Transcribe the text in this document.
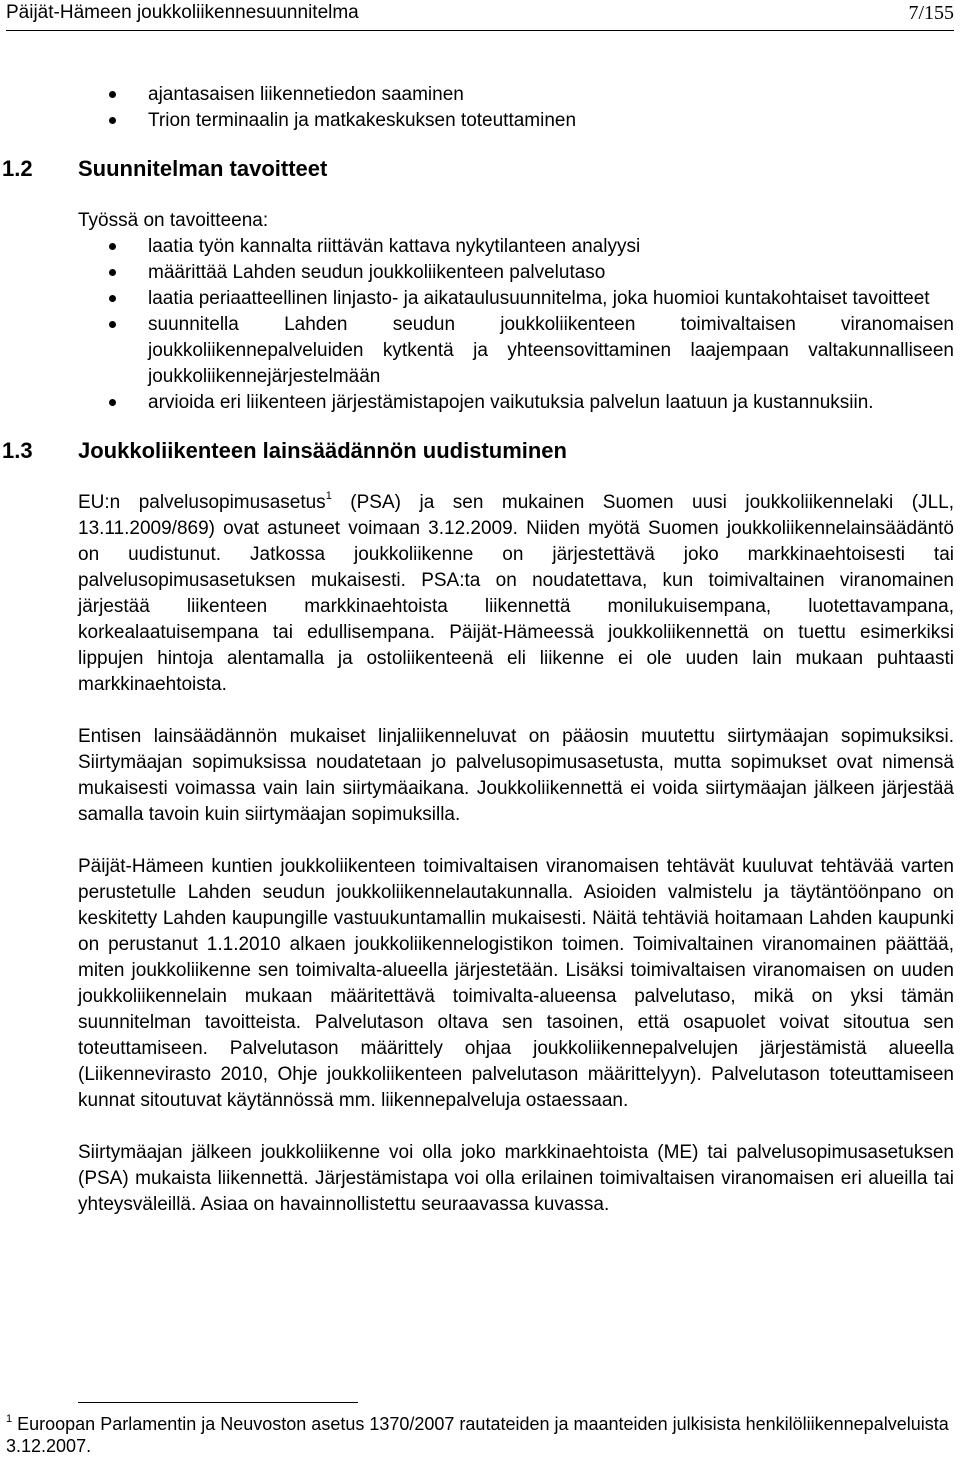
Päijät-Hämeen joukkoliikennesuunnitelma	7/155
ajantasaisen liikennetiedon saaminen
Trion terminaalin ja matkakeskuksen toteuttaminen
1.2 Suunnitelman tavoitteet
Työssä on tavoitteena:
laatia työn kannalta riittävän kattava nykytilanteen analyysi
määrittää Lahden seudun joukkoliikenteen palvelutaso
laatia periaatteellinen linjasto- ja aikataulusuunnitelma, joka huomioi kuntakohtaiset tavoitteet
suunnitella Lahden seudun joukkoliikenteen toimivaltaisen viranomaisen joukkoliikennepalveluiden kytkentä ja yhteensovittaminen laajempaan valtakunnalliseen joukkoliikennejärjestelmään
arvioida eri liikenteen järjestämistapojen vaikutuksia palvelun laatuun ja kustannuksiin.
1.3 Joukkoliikenteen lainsäädännön uudistuminen

EU:n palvelusopimusasetus$^1$ (PSA) ja sen mukainen Suomen uusi joukkoliikennelaki (JLL, 13.11.2009/869) ovat astuneet voimaan 3.12.2009. Niiden myötä Suomen joukkoliikennelainsäädäntö on uudistunut. Jatkossa joukkoliikenne on järjestettävä joko markkinaehtoisesti tai palvelusopimusasetuksen mukaisesti. PSA:ta on noudatettava, kun toimivaltainen viranomainen järjestää liikenteen markkinaehtoista liikennettä monilukuisempana, luotettavampana, korkealaatuisempana tai edullisempana. Päijät-Hämeessä joukkoliikennettä on tuettu esimerkiksi lippujen hintoja alentamalla ja ostoliikenteenä eli liikenne ei ole uuden lain mukaan puhtaasti markkinaehtoista.

Entisen lainsäädännön mukaiset linjaliikenneluvat on pääosin muutettu siirtymäajan sopimuksiksi. Siirtymäajan sopimuksissa noudatetaan jo palvelusopimusasetusta, mutta sopimukset ovat nimensä mukaisesti voimassa vain lain siirtymäaikana. Joukkoliikennettä ei voida siirtymäajan jälkeen järjestää samalla tavoin kuin siirtymäajan sopimuksilla.

Päijät-Hämeen kuntien joukkoliikenteen toimivaltaisen viranomaisen tehtävät kuuluvat tehtävää varten perustetulle Lahden seudun joukkoliikennelautakunnalla. Asioiden valmistelu ja täytäntöönpano on keskitetty Lahden kaupungille vastuukuntamallin mukaisesti. Näitä tehtäviä hoitamaan Lahden kaupunki on perustanut 1.1.2010 alkaen joukkoliikennelogistikon toimen. Toimivaltainen viranomainen päättää, miten joukkoliikenne sen toimivalta-alueella järjestetään. Lisäksi toimivaltaisen viranomaisen on uuden joukkoliikennelain mukaan määritettävä toimivalta-alueensa palvelutaso, mikä on yksi tämän suunnitelman tavoitteista. Palvelutason oltava sen tasoinen, että osapuolet voivat sitoutua sen toteuttamiseen. Palvelutason määrittely ohjaa joukkoliikennepalvelujen järjestämistä alueella (Liikennevirasto 2010, Ohje joukkoliikenteen palvelutason määrittelyyn). Palvelutason toteuttamiseen kunnat sitoutuvat käytännössä mm. liikennepalveluja ostaessaan.

Siirtymäajan jälkeen joukkoliikenne voi olla joko markkinaehtoista (ME) tai palvelusopimusasetuksen (PSA) mukaista liikennettä. Järjestämistapa voi olla erilainen toimivaltaisen viranomaisen eri alueilla tai yhteysväleillä. Asiaa on havainnollistettu seuraavassa kuvassa.

$^1$ Euroopan Parlamentin ja Neuvoston asetus 1370/2007 rautateiden ja maanteiden julkisista henkilöliikennepalveluista 3.12.2007.
